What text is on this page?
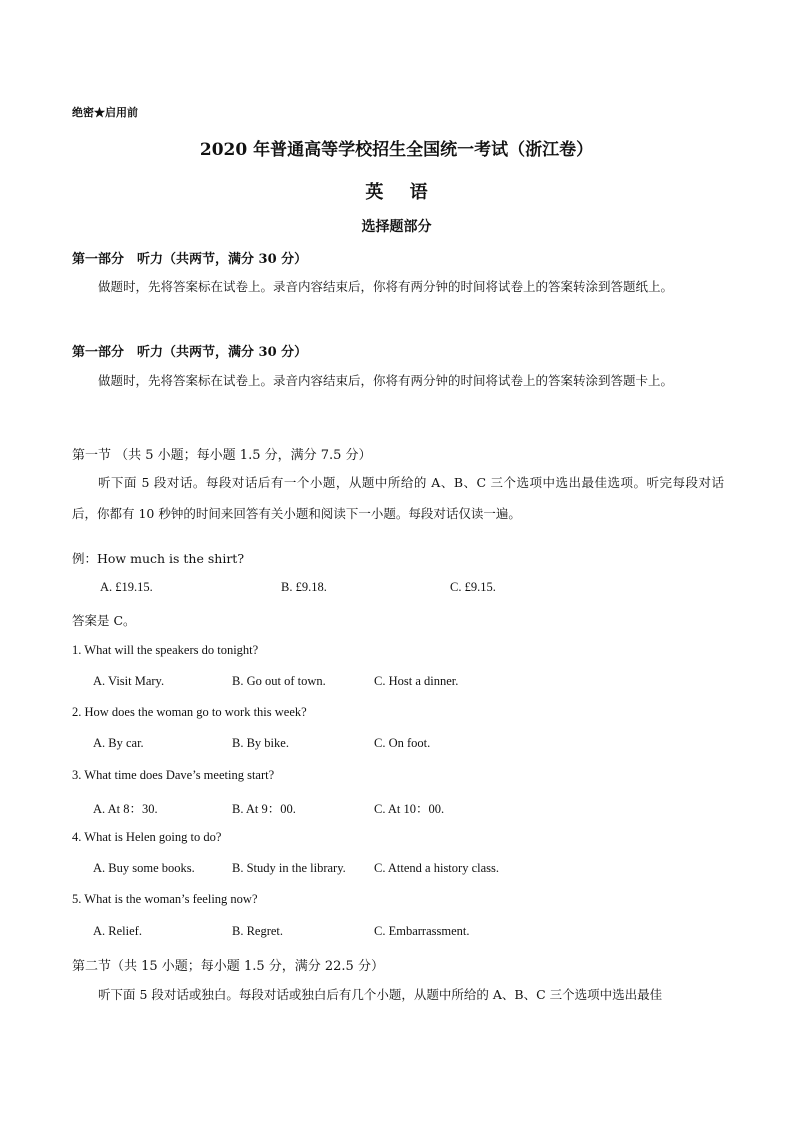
绝密★启用前
2020 年普通高等学校招生全国统一考试（浙江卷）
英 语
选择题部分
第一部分　听力（共两节，满分 30 分）
做题时，先将答案标在试卷上。录音内容结束后，你将有两分钟的时间将试卷上的答案转涂到答题纸上。
第一部分　听力（共两节，满分 30 分）
做题时，先将答案标在试卷上。录音内容结束后，你将有两分钟的时间将试卷上的答案转涂到答题卡上。
第一节 （共 5 小题；每小题 1.5 分，满分 7.5 分）
听下面 5 段对话。每段对话后有一个小题，从题中所给的 A、B、C 三个选项中选出最佳选项。听完每段对话后，你都有 10 秒钟的时间来回答有关小题和阅读下一小题。每段对话仅读一遍。
例：How much is the shirt?
A. £19.15.	B. £9.18.	C. £9.15.
答案是 C。
1. What will the speakers do tonight?
A. Visit Mary.	B. Go out of town.	C. Host a dinner.
2. How does the woman go to work this week?
A. By car.	B. By bike.	C. On foot.
3. What time does Dave’s meeting start?
A. At 8：30.	B. At 9：00.	C. At 10：00.
4. What is Helen going to do?
A. Buy some books.	B. Study in the library. C. Attend a history class.
5. What is the woman’s feeling now?
A. Relief.	B. Regret.	C. Embarrassment.
第二节（共 15 小题；每小题 1.5 分，满分 22.5 分）
听下面 5 段对话或独白。每段对话或独白后有几个小题，从题中所给的 A、B、C 三个选项中选出最佳
